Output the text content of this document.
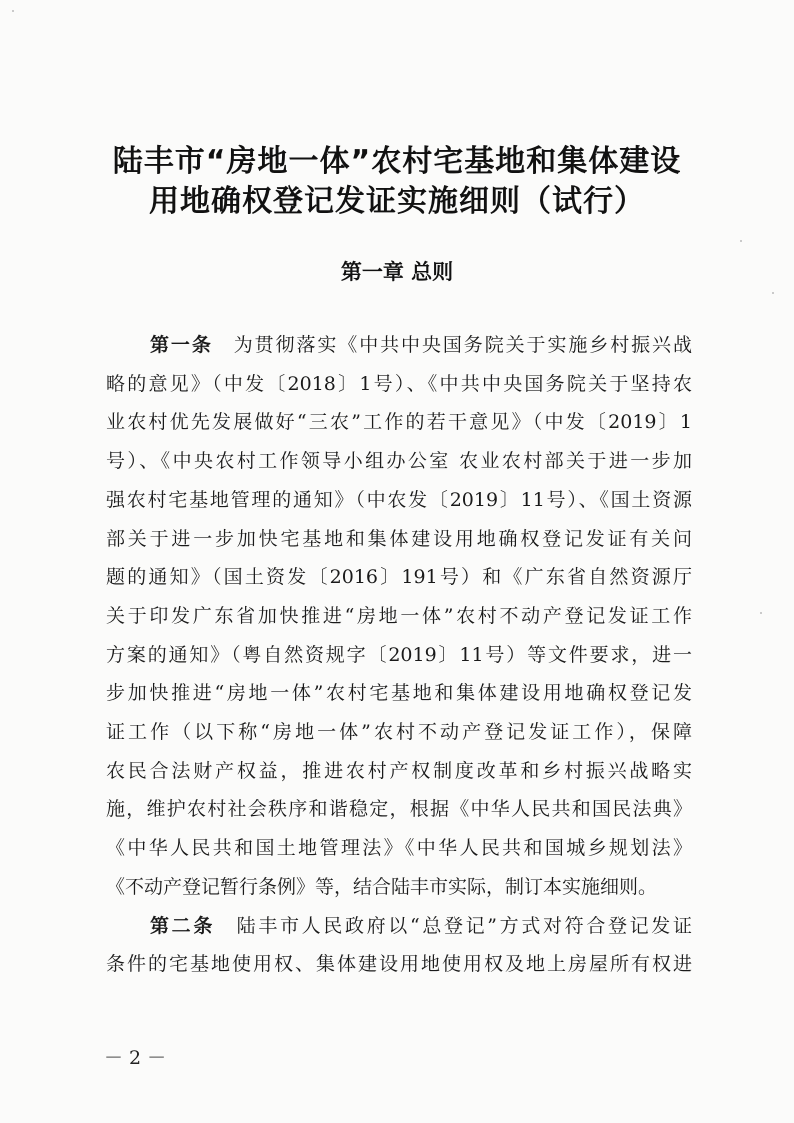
陆丰市“房地一体”农村宅基地和集体建设
用地确权登记发证实施细则（试行）
第一章 总则
第一条　 为贯彻落实《中共中央国务院关于实施乡村振兴战
略的意见》（中发〔2018〕1号）、《中共中央国务院关于坚持农
业农村优先发展做好“三农”工作的若干意见》（中发〔2019〕1
号）、《中央农村工作领导小组办公室 农业农村部关于进一步加
强农村宅基地管理的通知》（中农发〔2019〕11号）、《国土资源
部关于进一步加快宅基地和集体建设用地确权登记发证有关问
题的通知》（国土资发〔2016〕191号）和《广东省自然资源厅
关于印发广东省加快推进“房地一体”农村不动产登记发证工作
方案的通知》（粤自然资规字〔2019〕11号）等文件要求，进一
步加快推进“房地一体”农村宅基地和集体建设用地确权登记发
证工作（以下称“房地一体”农村不动产登记发证工作），保障
农民合法财产权益，推进农村产权制度改革和乡村振兴战略实
施，维护农村社会秩序和谐稳定，根据《中华人民共和国民法典》
《中华人民共和国土地管理法》《中华人民共和国城乡规划法》
《不动产登记暂行条例》等，结合陆丰市实际，制订本实施细则。
第二条　 陆丰市人民政府以“总登记”方式对符合登记发证
条件的宅基地使用权、集体建设用地使用权及地上房屋所有权进
－ 2 －
